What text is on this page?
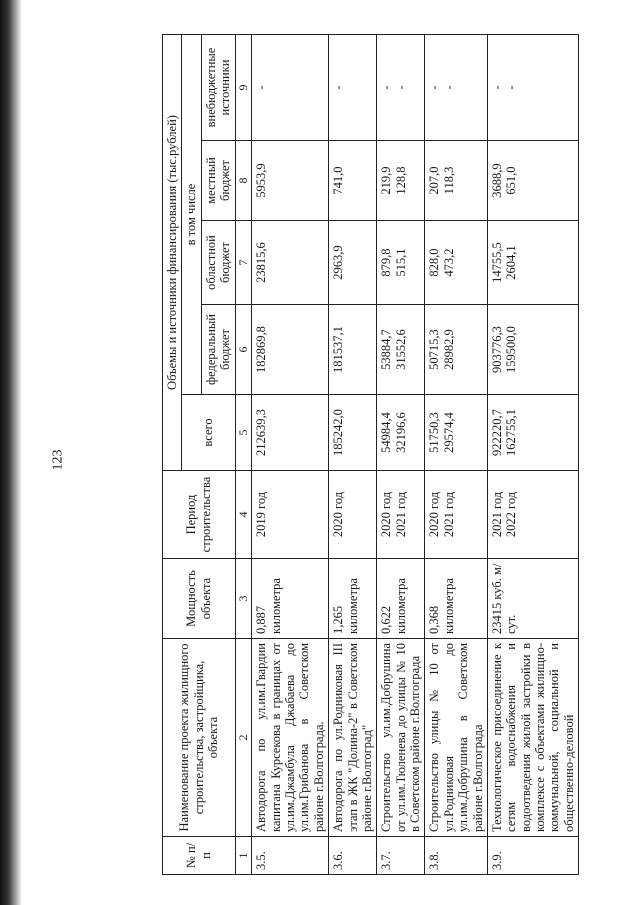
123
№ п/п	Наименование проекта жилищного строительства, застройщика, объекта	Мощность объекта	Период строительства	Объемы и источники финансирования (тыс.рублей)				
				всего	в том числе			
					федеральный бюджет	областной бюджет	местный бюджет	внебюджетные источники
1	2	3	4	5	6	7	8	9
3.5.	Автодорога по ул.им.Гвардии капитана Курсекова в границах от ул.им.Джамбула Джабаева до ул.им.Грибанова в Советском районе г.Волгограда.	0,887 километра	2019 год	212639,3	182869,8	23815,6	5953,9	-

3.6.	Автодорога по ул.Родниковая III этап в ЖК "Долина-2" в Советском районе г.Волгоград"	1,265 километра	2020 год	185242,0	181537,1	2963,9	741,0	-

3.7.	Строительство ул.им.Добрушина от ул.им.Тюленева до улицы № 10 в Советском районе г.Волгограда	0,622 километра	2020 год 2021 год	54984,4 32196,6	53884,7 31552,6	879,8 515,1	219,9 128,8	- -

3.8.	Строительство улицы № 10 от ул.Родниковая до ул.им.Добрушина в Советском районе г.Волгограда	0,368 километра	2020 год 2021 год	51750,3 29574,4	50715,3 28982,9	828,0 473,2	207,0 118,3	- -

3.9.	Технологическое присоединение к сетям водоснабжения и водоотведения жилой застройки в комплексе с объектами жилищно-коммунальной, социальной и общественно-деловой	23415 куб. м/сут.	2021 год 2022 год	922220,7 162755,1	903776,3 159500,0	14755,5 2604,1	3688,9 651,0	- -
